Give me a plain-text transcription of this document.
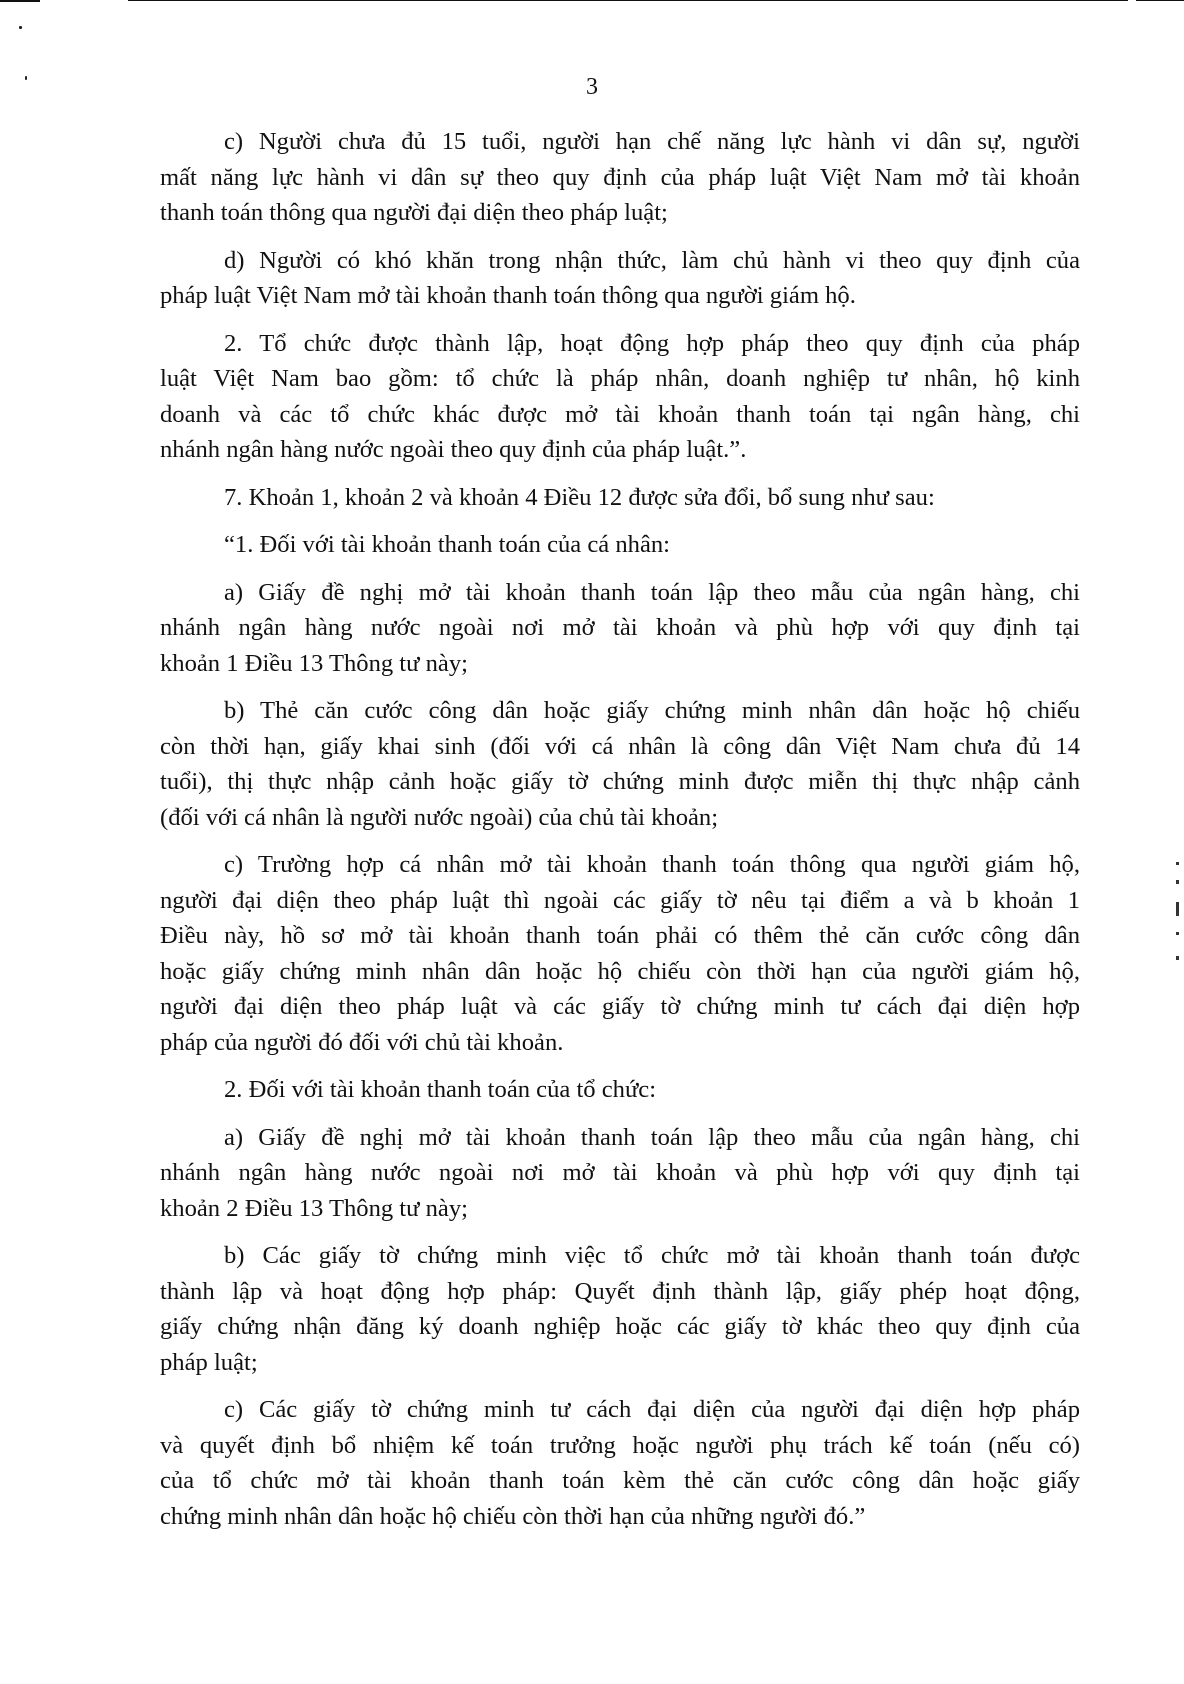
3
c) Người chưa đủ 15 tuổi, người hạn chế năng lực hành vi dân sự, người
mất năng lực hành vi dân sự theo quy định của pháp luật Việt Nam mở tài khoản
thanh toán thông qua người đại diện theo pháp luật;
d) Người có khó khăn trong nhận thức, làm chủ hành vi theo quy định của
pháp luật Việt Nam mở tài khoản thanh toán thông qua người giám hộ.
2. Tổ chức được thành lập, hoạt động hợp pháp theo quy định của pháp
luật Việt Nam bao gồm: tổ chức là pháp nhân, doanh nghiệp tư nhân, hộ kinh
doanh và các tổ chức khác được mở tài khoản thanh toán tại ngân hàng, chi
nhánh ngân hàng nước ngoài theo quy định của pháp luật.”.
7. Khoản 1, khoản 2 và khoản 4 Điều 12 được sửa đổi, bổ sung như sau:
“1. Đối với tài khoản thanh toán của cá nhân:
a) Giấy đề nghị mở tài khoản thanh toán lập theo mẫu của ngân hàng, chi
nhánh ngân hàng nước ngoài nơi mở tài khoản và phù hợp với quy định tại
khoản 1 Điều 13 Thông tư này;
b) Thẻ căn cước công dân hoặc giấy chứng minh nhân dân hoặc hộ chiếu
còn thời hạn, giấy khai sinh (đối với cá nhân là công dân Việt Nam chưa đủ 14
tuổi), thị thực nhập cảnh hoặc giấy tờ chứng minh được miễn thị thực nhập cảnh
(đối với cá nhân là người nước ngoài) của chủ tài khoản;
c) Trường hợp cá nhân mở tài khoản thanh toán thông qua người giám hộ,
người đại diện theo pháp luật thì ngoài các giấy tờ nêu tại điểm a và b khoản 1
Điều này, hồ sơ mở tài khoản thanh toán phải có thêm thẻ căn cước công dân
hoặc giấy chứng minh nhân dân hoặc hộ chiếu còn thời hạn của người giám hộ,
người đại diện theo pháp luật và các giấy tờ chứng minh tư cách đại diện hợp
pháp của người đó đối với chủ tài khoản.
2. Đối với tài khoản thanh toán của tổ chức:
a) Giấy đề nghị mở tài khoản thanh toán lập theo mẫu của ngân hàng, chi
nhánh ngân hàng nước ngoài nơi mở tài khoản và phù hợp với quy định tại
khoản 2 Điều 13 Thông tư này;
b) Các giấy tờ chứng minh việc tổ chức mở tài khoản thanh toán được
thành lập và hoạt động hợp pháp: Quyết định thành lập, giấy phép hoạt động,
giấy chứng nhận đăng ký doanh nghiệp hoặc các giấy tờ khác theo quy định của
pháp luật;
c) Các giấy tờ chứng minh tư cách đại diện của người đại diện hợp pháp
và quyết định bổ nhiệm kế toán trưởng hoặc người phụ trách kế toán (nếu có)
của tổ chức mở tài khoản thanh toán kèm thẻ căn cước công dân hoặc giấy
chứng minh nhân dân hoặc hộ chiếu còn thời hạn của những người đó.”
